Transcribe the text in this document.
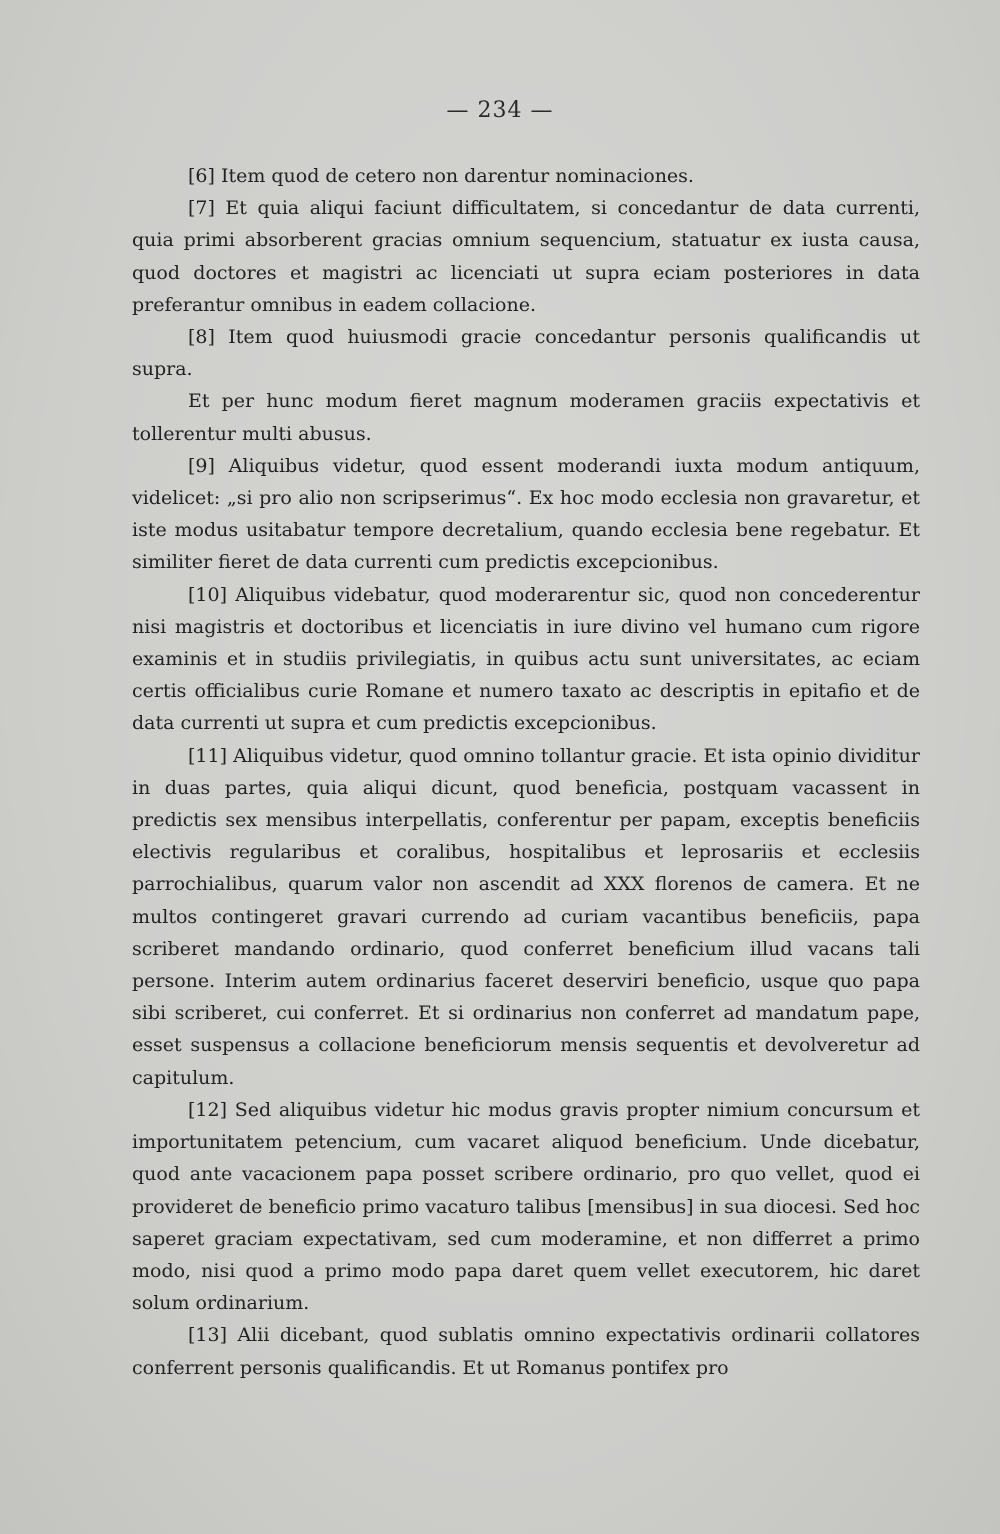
— 234 —

[6] Item quod de cetero non darentur nominaciones.

[7] Et quia aliqui faciunt difficultatem, si concedantur de data currenti, quia primi absorberent gracias omnium sequencium, statuatur ex iusta causa, quod doctores et magistri ac licenciati ut supra eciam posteriores in data preferantur omnibus in eadem collacione.

[8] Item quod huiusmodi gracie concedantur personis qualificandis ut supra.

Et per hunc modum fieret magnum moderamen graciis expectativis et tollerentur multi abusus.

[9] Aliquibus videtur, quod essent moderandi iuxta modum antiquum, videlicet: „si pro alio non scripserimus“. Ex hoc modo ecclesia non gravaretur, et iste modus usitabatur tempore decretalium, quando ecclesia bene regebatur. Et similiter fieret de data currenti cum predictis excepcionibus.

[10] Aliquibus videbatur, quod moderarentur sic, quod non concederentur nisi magistris et doctoribus et licenciatis in iure divino vel humano cum rigore examinis et in studiis privilegiatis, in quibus actu sunt universitates, ac eciam certis officialibus curie Romane et numero taxato ac descriptis in epitafio et de data currenti ut supra et cum predictis excepcionibus.

[11] Aliquibus videtur, quod omnino tollantur gracie. Et ista opinio dividitur in duas partes, quia aliqui dicunt, quod beneficia, postquam vacassent in predictis sex mensibus interpellatis, conferentur per papam, exceptis beneficiis electivis regularibus et coralibus, hospitalibus et leprosariis et ecclesiis parrochialibus, quarum valor non ascendit ad XXX florenos de camera. Et ne multos contingeret gravari currendo ad curiam vacantibus beneficiis, papa scriberet mandando ordinario, quod conferret beneficium illud vacans tali persone. Interim autem ordinarius faceret deserviri beneficio, usque quo papa sibi scriberet, cui conferret. Et si ordinarius non conferret ad mandatum pape, esset suspensus a collacione beneficiorum mensis sequentis et devolveretur ad capitulum.

[12] Sed aliquibus videtur hic modus gravis propter nimium concursum et importunitatem petencium, cum vacaret aliquod beneficium. Unde dicebatur, quod ante vacacionem papa posset scribere ordinario, pro quo vellet, quod ei provideret de beneficio primo vacaturo talibus [mensibus] in sua diocesi. Sed hoc saperet graciam expectativam, sed cum moderamine, et non differret a primo modo, nisi quod a primo modo papa daret quem vellet executorem, hic daret solum ordinarium.

[13] Alii dicebant, quod sublatis omnino expectativis ordinarii collatores conferrent personis qualificandis. Et ut Romanus pontifex pro
